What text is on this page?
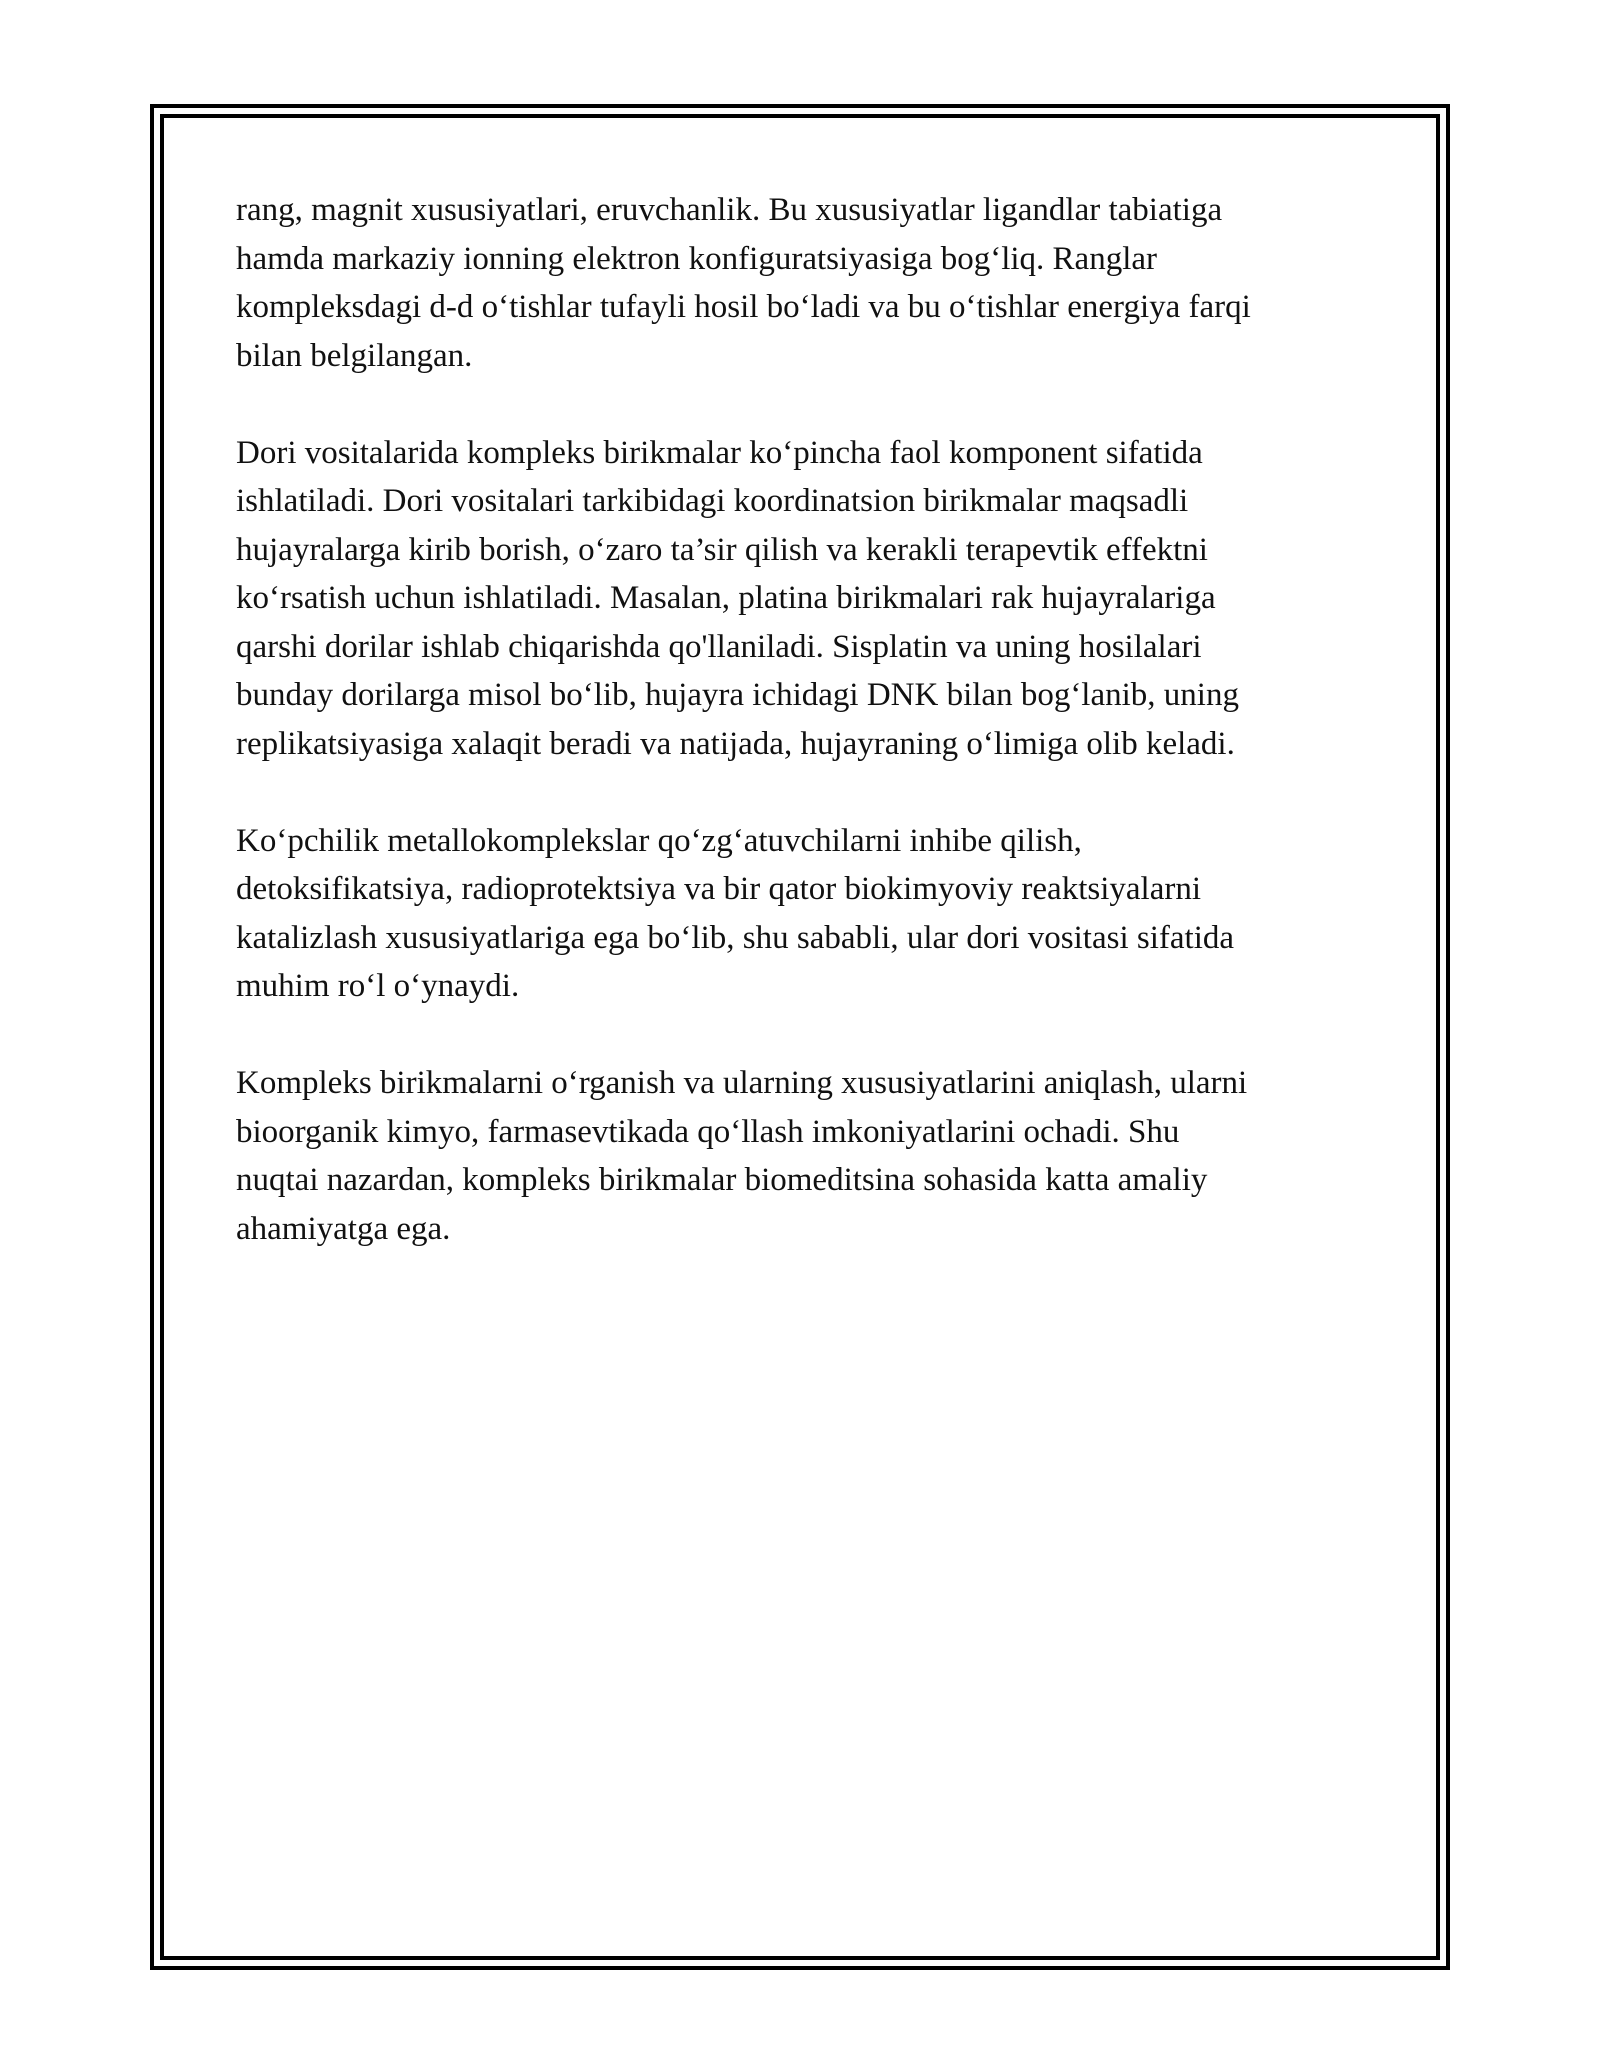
rang, magnit xususiyatlari, eruvchanlik. Bu xususiyatlar ligandlar tabiatiga
hamda markaziy ionning elektron konfiguratsiyasiga bog‘liq. Ranglar
kompleksdagi d-d o‘tishlar tufayli hosil bo‘ladi va bu o‘tishlar energiya farqi
bilan belgilangan.

Dori vositalarida kompleks birikmalar ko‘pincha faol komponent sifatida
ishlatiladi. Dori vositalari tarkibidagi koordinatsion birikmalar maqsadli
hujayralarga kirib borish, o‘zaro ta’sir qilish va kerakli terapevtik effektni
ko‘rsatish uchun ishlatiladi. Masalan, platina birikmalari rak hujayralariga
qarshi dorilar ishlab chiqarishda qo'llaniladi. Sisplatin va uning hosilalari
bunday dorilarga misol bo‘lib, hujayra ichidagi DNK bilan bog‘lanib, uning
replikatsiyasiga xalaqit beradi va natijada, hujayraning o‘limiga olib keladi.

Ko‘pchilik metallokomplekslar qo‘zg‘atuvchilarni inhibe qilish,
detoksifikatsiya, radioprotektsiya va bir qator biokimyoviy reaktsiyalarni
katalizlash xususiyatlariga ega bo‘lib, shu sababli, ular dori vositasi sifatida
muhim ro‘l o‘ynaydi.

Kompleks birikmalarni o‘rganish va ularning xususiyatlarini aniqlash, ularni
bioorganik kimyo, farmasevtikada qo‘llash imkoniyatlarini ochadi. Shu
nuqtai nazardan, kompleks birikmalar biomeditsina sohasida katta amaliy
ahamiyatga ega.
